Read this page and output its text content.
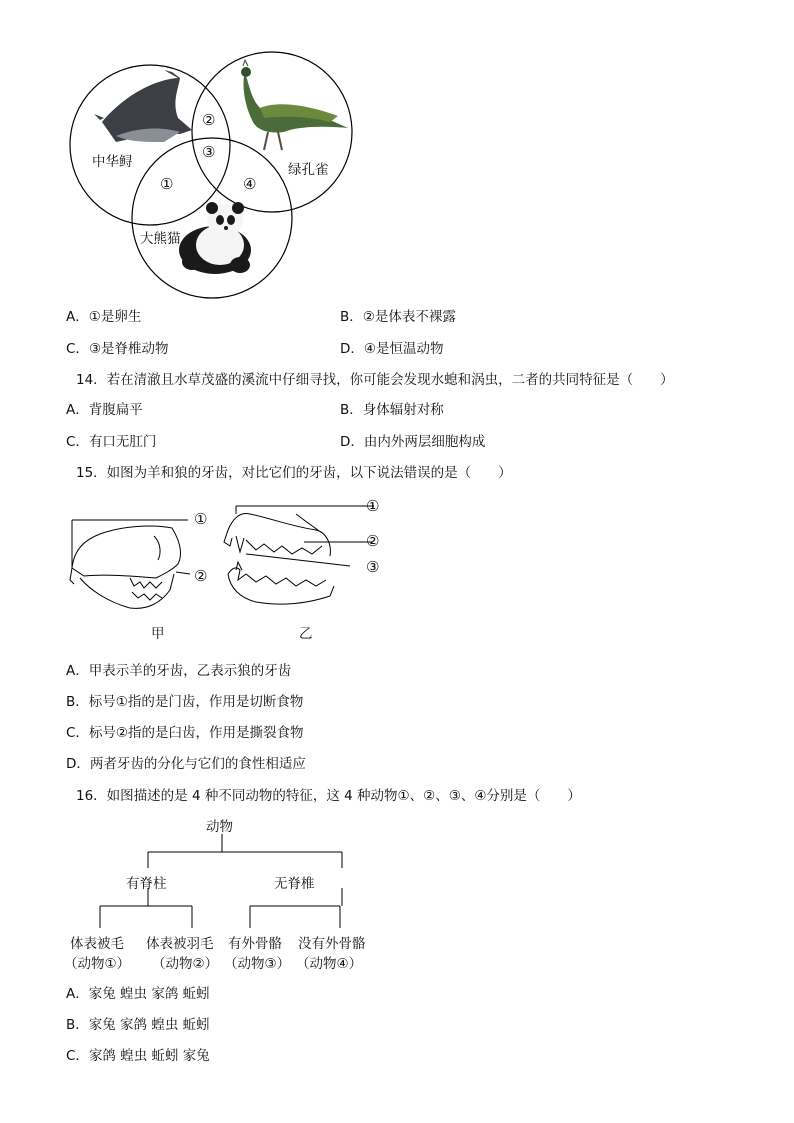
中华鲟	绿孔雀
大熊猫
②
③
①	④
A．①是卵生	B．②是体表不裸露
C．③是脊椎动物	D．④是恒温动物
14．若在清澈且水草茂盛的溪流中仔细寻找，你可能会发现水螅和涡虫，二者的共同特征是（　　）
A．背腹扁平	B．身体辐射对称
C．有口无肛门	D．由内外两层细胞构成
15．如图为羊和狼的牙齿，对比它们的牙齿，以下说法错误的是（　　）
①
②
①
②
③
甲	乙
A．甲表示羊的牙齿，乙表示狼的牙齿
B．标号①指的是门齿，作用是切断食物
C．标号②指的是臼齿，作用是撕裂食物
D．两者牙齿的分化与它们的食性相适应
16．如图描述的是 4 种不同动物的特征，这 4 种动物①、②、③、④分别是（　　）
动物
有脊柱	无脊椎
体表被毛 体表被羽毛 有外骨骼 没有外骨骼
（动物①） （动物②） （动物③） （动物④）
A．家兔 蝗虫 家鸽 蚯蚓
B．家兔 家鸽 蝗虫 蚯蚓
C．家鸽 蝗虫 蚯蚓 家兔
